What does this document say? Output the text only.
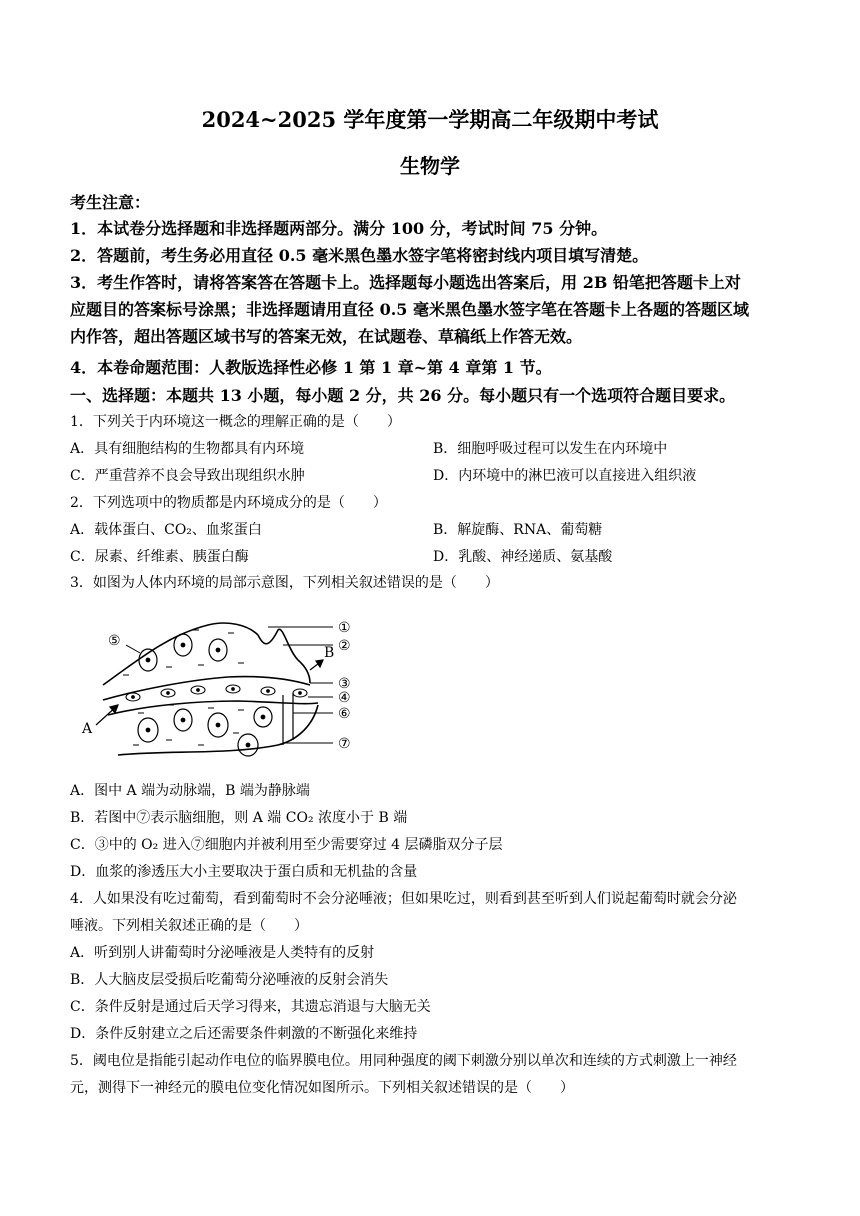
2024~2025 学年度第一学期高二年级期中考试
生物学
考生注意：
1．本试卷分选择题和非选择题两部分。满分 100 分，考试时间 75 分钟。
2．答题前，考生务必用直径 0.5 毫米黑色墨水签字笔将密封线内项目填写清楚。
3．考生作答时，请将答案答在答题卡上。选择题每小题选出答案后，用 2B 铅笔把答题卡上对
应题目的答案标号涂黑；非选择题请用直径 0.5 毫米黑色墨水签字笔在答题卡上各题的答题区域
内作答，超出答题区域书写的答案无效，在试题卷、草稿纸上作答无效。
4．本卷命题范围：人教版选择性必修 1 第 1 章~第 4 章第 1 节。
一、选择题：本题共 13 小题，每小题 2 分，共 26 分。每小题只有一个选项符合题目要求。
1．下列关于内环境这一概念的理解正确的是（　　）
A．具有细胞结构的生物都具有内环境	B．细胞呼吸过程可以发生在内环境中
C．严重营养不良会导致出现组织水肿	D．内环境中的淋巴液可以直接进入组织液
2．下列选项中的物质都是内环境成分的是（　　）
A．载体蛋白、CO₂、血浆蛋白	B．解旋酶、RNA、葡萄糖
C．尿素、纤维素、胰蛋白酶	D．乳酸、神经递质、氨基酸
3．如图为人体内环境的局部示意图，下列相关叙述错误的是（　　）
①
②
③
④
⑥
⑦
⑤
A
B
A．图中 A 端为动脉端，B 端为静脉端
B．若图中⑦表示脑细胞，则 A 端 CO₂ 浓度小于 B 端
C．③中的 O₂ 进入⑦细胞内并被利用至少需要穿过 4 层磷脂双分子层
D．血浆的渗透压大小主要取决于蛋白质和无机盐的含量
4．人如果没有吃过葡萄，看到葡萄时不会分泌唾液；但如果吃过，则看到甚至听到人们说起葡萄时就会分泌
唾液。下列相关叙述正确的是（　　）
A．听到别人讲葡萄时分泌唾液是人类特有的反射
B．人大脑皮层受损后吃葡萄分泌唾液的反射会消失
C．条件反射是通过后天学习得来，其遗忘消退与大脑无关
D．条件反射建立之后还需要条件刺激的不断强化来维持
5．阈电位是指能引起动作电位的临界膜电位。用同种强度的阈下刺激分别以单次和连续的方式刺激上一神经
元，测得下一神经元的膜电位变化情况如图所示。下列相关叙述错误的是（　　）
